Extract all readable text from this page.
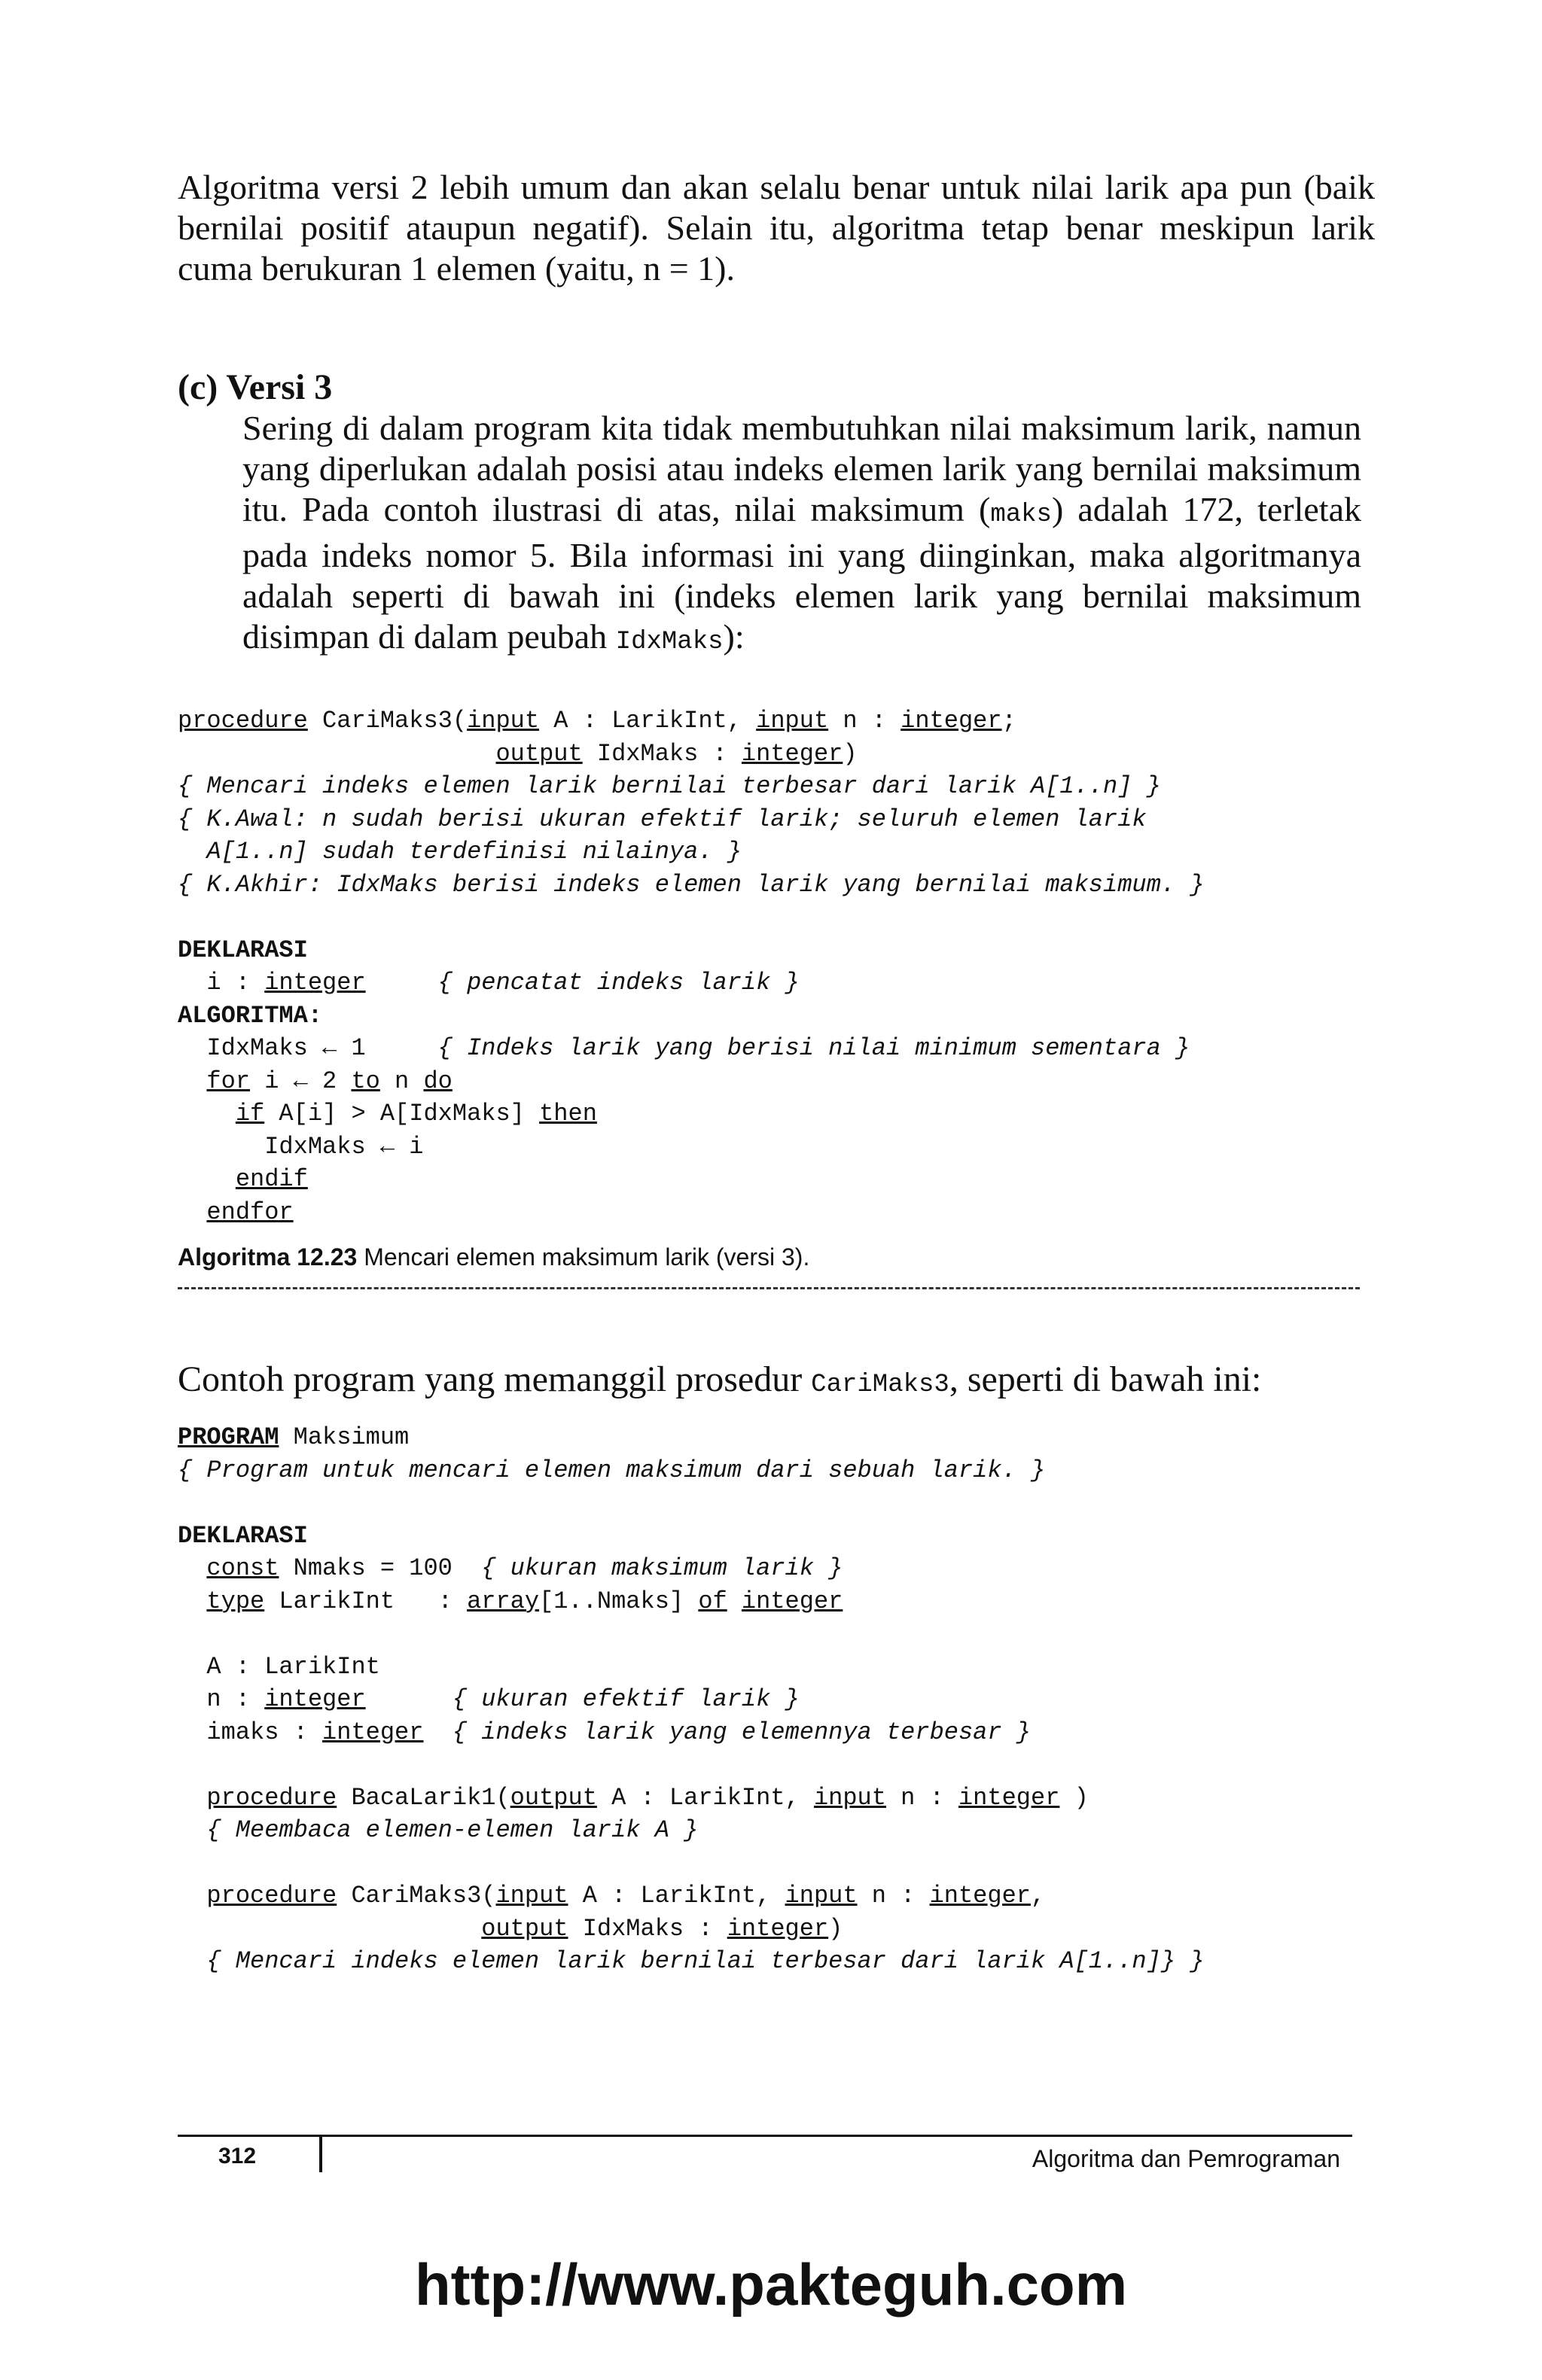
Algoritma versi 2 lebih umum dan akan selalu benar untuk nilai larik apa pun (baik bernilai positif ataupun negatif). Selain itu, algoritma tetap benar meskipun larik cuma berukuran 1 elemen (yaitu, n = 1).

(c) Versi 3

Sering di dalam program kita tidak membutuhkan nilai maksimum larik, namun yang diperlukan adalah posisi atau indeks elemen larik yang bernilai maksimum itu. Pada contoh ilustrasi di atas, nilai maksimum (maks) adalah 172, terletak pada indeks nomor 5. Bila informasi ini yang diinginkan, maka algoritmanya adalah seperti di bawah ini (indeks elemen larik yang bernilai maksimum disimpan di dalam peubah IdxMaks):

procedure CariMaks3(input A : LarikInt, input n : integer;
output IdxMaks : integer)
{ Mencari indeks elemen larik bernilai terbesar dari larik A[1..n] }
{ K.Awal: n sudah berisi ukuran efektif larik; seluruh elemen larik
A[1..n] sudah terdefinisi nilainya. }
{ K.Akhir: IdxMaks berisi indeks elemen larik yang bernilai maksimum. }

DEKLARASI
i : integer     { pencatat indeks larik }
ALGORITMA:
IdxMaks ← 1     { Indeks larik yang berisi nilai minimum sementara }
for i ← 2 to n do
if A[i] > A[IdxMaks] then
IdxMaks ← i
endif
endfor
Algoritma 12.23 Mencari elemen maksimum larik (versi 3).
Contoh program yang memanggil prosedur CariMaks3, seperti di bawah ini:
PROGRAM Maksimum
{ Program untuk mencari elemen maksimum dari sebuah larik. }

DEKLARASI
const Nmaks = 100  { ukuran maksimum larik }
type LarikInt   : array[1..Nmaks] of integer

A : LarikInt
n : integer      { ukuran efektif larik }
imaks : integer  { indeks larik yang elemennya terbesar }

procedure BacaLarik1(output A : LarikInt, input n : integer )
{ Meembaca elemen-elemen larik A }

procedure CariMaks3(input A : LarikInt, input n : integer,
output IdxMaks : integer)
{ Mencari indeks elemen larik bernilai terbesar dari larik A[1..n]} }
312	Algoritma dan Pemrograman
http://www.pakteguh.com
